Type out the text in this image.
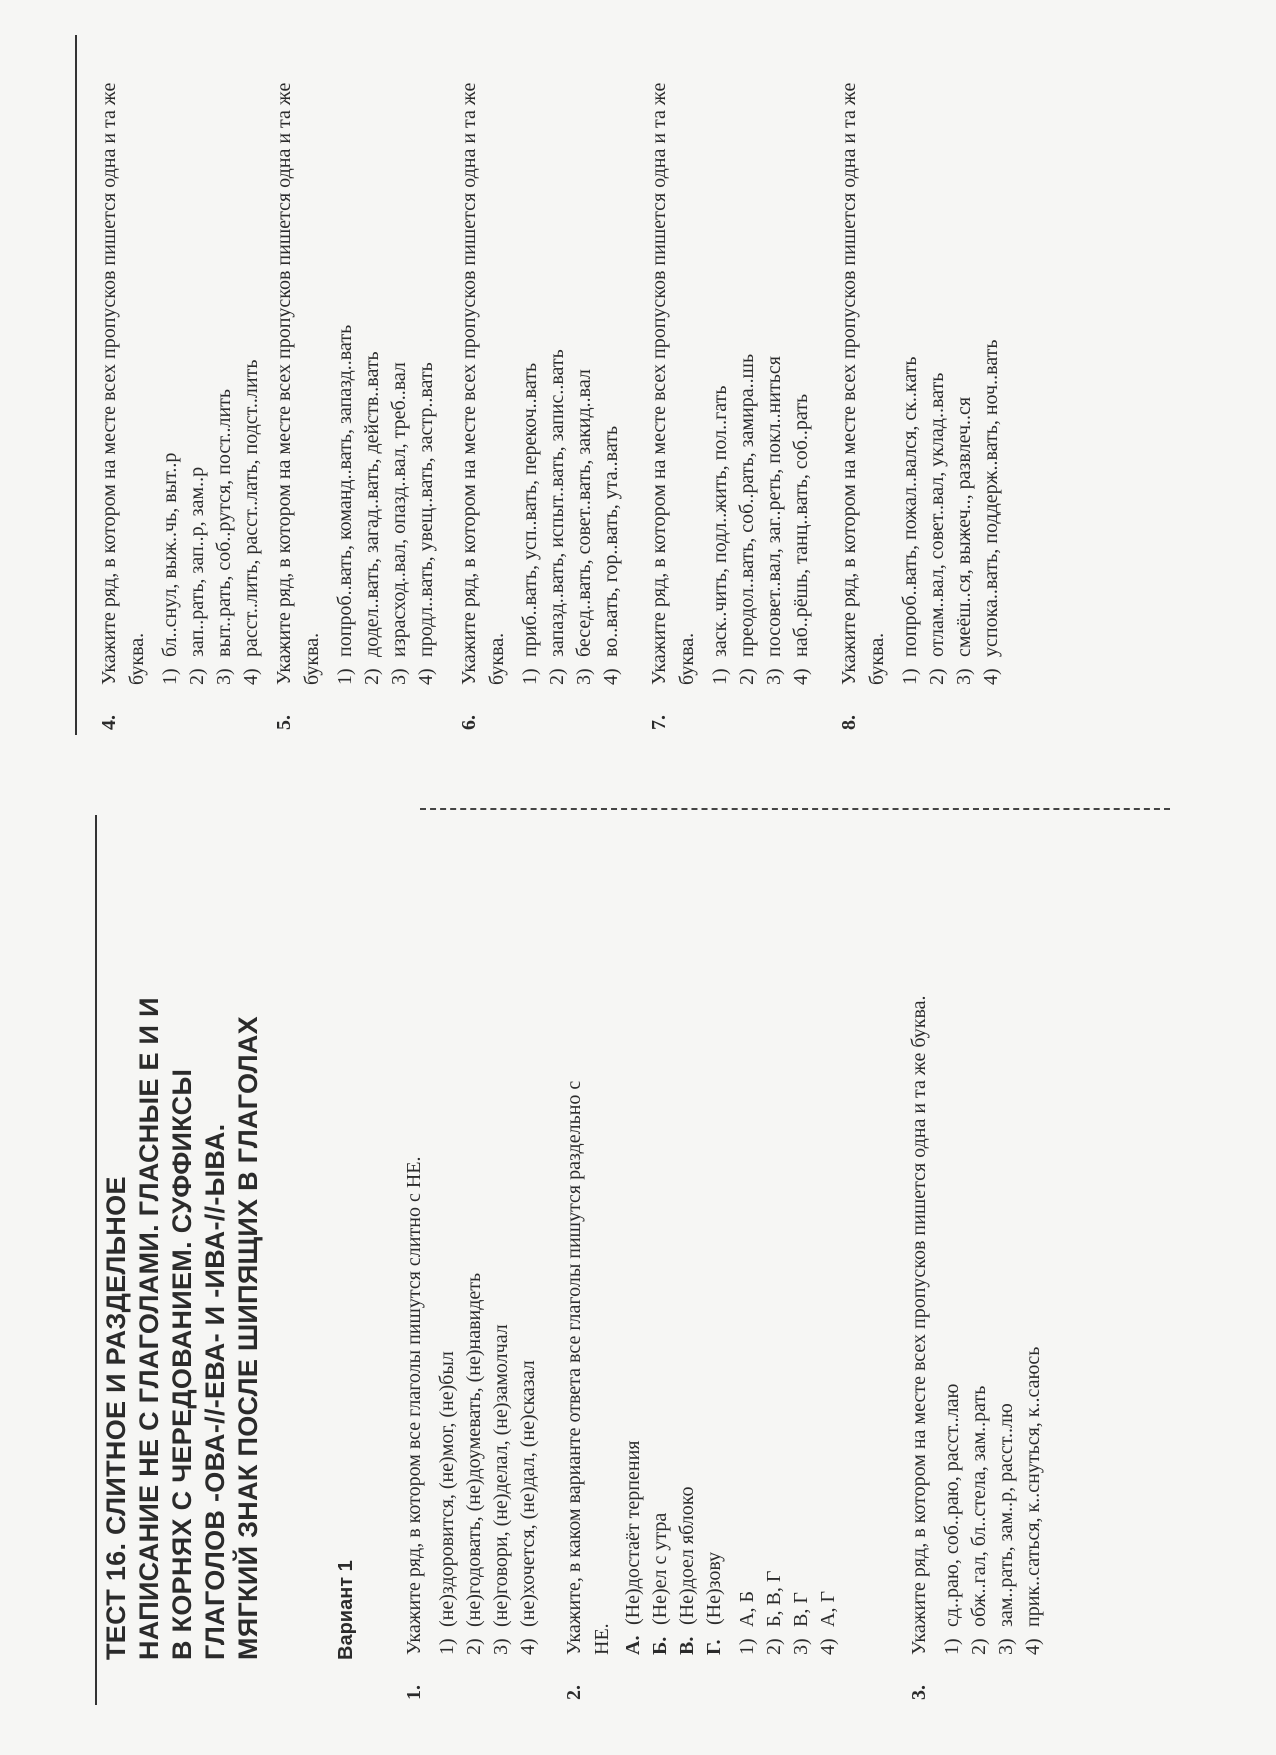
ТЕСТ 16. СЛИТНОЕ И РАЗДЕЛЬНОЕ НАПИСАНИЕ НЕ С ГЛАГОЛАМИ. ГЛАСНЫЕ Е И И В КОРНЯХ С ЧЕРЕДОВАНИЕМ. СУФФИКСЫ ГЛАГОЛОВ -ОВА-//-ЕВА- И -ИВА-//-ЫВА. МЯГКИЙ ЗНАК ПОСЛЕ ШИПЯЩИХ В ГЛАГОЛАХ	Вариант 1
1.
Укажите ряд, в котором все глаголы пишутся слитно с НЕ. 1)(не)здоровится, (не)мог, (не)был
2)(не)годовать, (не)доумевать, (не)навидеть
3)(не)говори, (не)делал, (не)замолчал
4)(не)хочется, (не)дал, (не)сказал
2.
Укажите, в каком варианте ответа все глаголы пишутся раздельно с НЕ. А.(Не)достаёт терпения
Б.(Не)ел с утра
В.(Не)доел яблоко
Г.(Не)зову
1)А, Б
2)Б, В, Г
3)В, Г
4)А, Г
3.
Укажите ряд, в котором на месте всех пропусков пишется одна и та же буква. 1)сд..раю, соб..раю, расст..лаю
2)обж..гал, бл..стела, зам..рать
3)зам..рать, зам..р, расст..лю
4)прик..саться, к..снуться, к..саюсь
4.
Укажите ряд, в котором на месте всех пропусков пишется одна и та же буква. 1)бл..снул, выж..чь, выт..р
2)зап..рать, зап..р, зам..р
3)выт..рать, соб..рутся, пост..лить
4)расст..лить, расст..лать, подст..лить
5.
Укажите ряд, в котором на месте всех пропусков пишется одна и та же буква. 1)попроб..вать, команд..вать, запазд..вать
2)додел..вать, загад..вать, действ..вать
3)израсход..вал, опазд..вал, треб..вал
4)продл..вать, увещ..вать, застр..вать
6.
Укажите ряд, в котором на месте всех пропусков пишется одна и та же буква. 1)приб..вать, усп..вать, перекоч..вать
2)запазд..вать, испыт..вать, запис..вать
3)бесед..вать, совет..вать, закид..вал
4)во..вать, гор..вать, ута..вать
7.
Укажите ряд, в котором на месте всех пропусков пишется одна и та же буква. 1)заск..чить, подл..жить, пол..гать
2)преодол..вать, соб..рать, замира..шь
3)посовет..вал, заг..реть, покл..ниться
4)наб..рёшь, танц..вать, соб..рать
8.
Укажите ряд, в котором на месте всех пропусков пишется одна и та же буква. 1)попроб..вать, пожал..вался, ск..кать
2)отлам..вал, совет..вал, уклад..вать
3)смеёш..ся, выжеч.., развлеч..ся
4)успока..вать, поддерж..вать, ноч..вать
